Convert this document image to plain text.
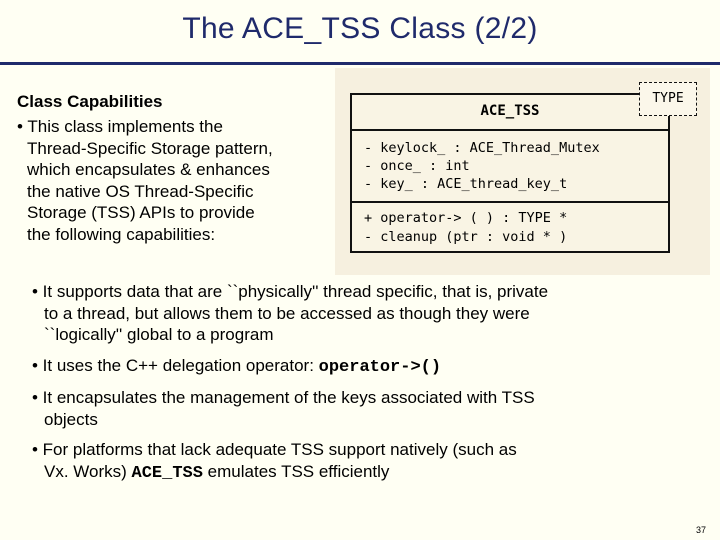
The ACE_TSS Class (2/2)
Class Capabilities
• This class implements the
Thread-Specific Storage pattern,
which encapsulates & enhances
the native OS Thread-Specific
Storage (TSS) APIs to provide
the following capabilities:
ACE_TSS
- keylock_ : ACE_Thread_Mutex
- once_ : int
- key_ : ACE_thread_key_t
+ operator-> ( ) : TYPE *
- cleanup (ptr : void * )
TYPE
• It supports data that are ``physically'' thread specific, that is, private
to a thread, but allows them to be accessed as though they were
``logically'' global to a program
• It uses the C++ delegation operator: operator->()
• It encapsulates the management of the keys associated with TSS
objects
• For platforms that lack adequate TSS support natively (such as
Vx. Works) ACE_TSS emulates TSS efficiently
37
